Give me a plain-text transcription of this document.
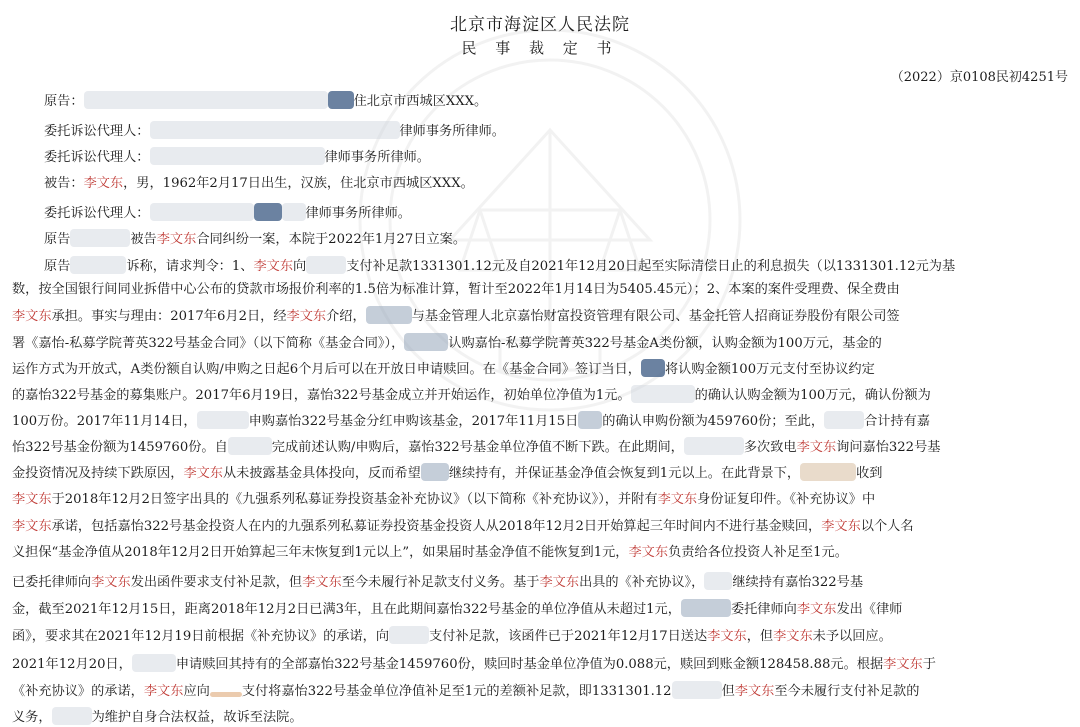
北京市海淀区人民法院
民 事 裁 定 书
（2022）京0108民初4251号
原告：	住北京市西城区XXX。
委托诉讼代理人：	律师事务所律师。
委托诉讼代理人：	律师事务所律师。
被告：李文东，男，1962年2月17日出生，汉族，住北京市西城区XXX。
委托诉讼代理人：	律师事务所律师。
原告	被告李文东合同纠纷一案，本院于2022年1月27日立案。
原告	诉称，请求判令：1、李文东向	支付补足款1331301.12元及自2021年12月20日起至实际清偿日止的利息损失（以1331301.12元为基
数，按全国银行间同业拆借中心公布的贷款市场报价利率的1.5倍为标准计算，暂计至2022年1月14日为5405.45元）；2、本案的案件受理费、保全费由
李文东承担。事实与理由：2017年6月2日，经李文东介绍，	与基金管理人北京嘉怡财富投资管理有限公司、基金托管人招商证券股份有限公司签
署《嘉怡-私募学院菁英322号基金合同》（以下简称《基金合同》），	认购嘉怡-私募学院菁英322号基金A类份额，认购金额为100万元，基金的
运作方式为开放式，A类份额自认购/申购之日起6个月后可以在开放日申请赎回。在《基金合同》签订当日， 将认购金额100万元支付至协议约定
的嘉怡322号基金的募集账户。2017年6月19日，嘉怡322号基金成立并开始运作，初始单位净值为1元。	的确认认购金额为100万元，确认份额为
100万份。2017年11月14日，	申购嘉怡322号基金分红申购该基金，2017年11月15日 的确认申购份额为459760份；至此，	合计持有嘉
怡322号基金份额为1459760份。自	完成前述认购/申购后，嘉怡322号基金单位净值不断下跌。在此期间，	多次致电李文东询问嘉怡322号基
金投资情况及持续下跌原因，李文东从未披露基金具体投向，反而希望 继续持有，并保证基金净值会恢复到1元以上。在此背景下，	收到
李文东于2018年12月2日签字出具的《九强系列私募证券投资基金补充协议》（以下简称《补充协议》），并附有李文东身份证复印件。《补充协议》中
李文东承诺，包括嘉怡322号基金投资人在内的九强系列私募证券投资基金投资人从2018年12月2日开始算起三年时间内不进行基金赎回，李文东以个人名
义担保“基金净值从2018年12月2日开始算起三年末恢复到1元以上”，如果届时基金净值不能恢复到1元，李文东负责给各位投资人补足至1元。
已委托律师向李文东发出函件要求支付补足款，但李文东至今未履行补足款支付义务。基于李文东出具的《补充协议》， 继续持有嘉怡322号基
金，截至2021年12月15日，距离2018年12月2日已满3年，且在此期间嘉怡322号基金的单位净值从未超过1元，	委托律师向李文东发出《律师
函》，要求其在2021年12月19日前根据《补充协议》的承诺，向	支付补足款，该函件已于2021年12月17日送达李文东，但李文东未予以回应。
2021年12月20日，	申请赎回其持有的全部嘉怡322号基金1459760份，赎回时基金单位净值为0.088元，赎回到账金额128458.88元。根据李文东于
《补充协议》的承诺，李文东应向 支付将嘉怡322号基金单位净值补足至1元的差额补足款，即1331301.12	但李文东至今未履行支付补足款的
义务，	为维护自身合法权益，故诉至法院。
